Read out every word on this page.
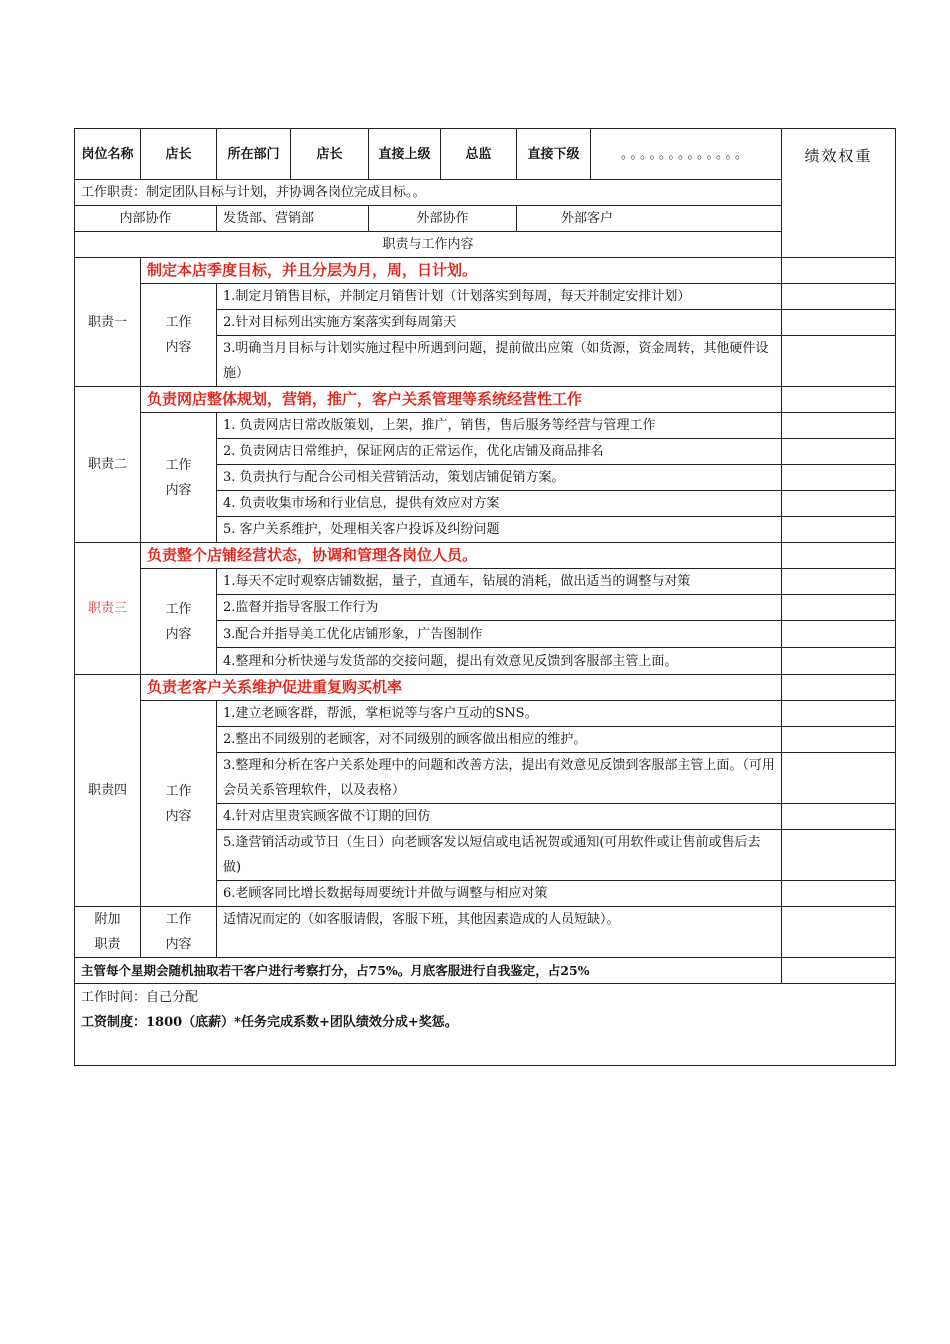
岗位名称	店长	所在部门	店长	直接上级	总监	直接下级	。。。。。。。。。。。。。	绩效权重
工作职责：制定团队目标与计划，并协调各岗位完成目标。。								
内部协作		发货部、营销部		外部协作		外部客户		
职责与工作内容								
职责一	制定本店季度目标，并且分层为月，周，日计划。							
	工作内容	1.制定月销售目标，并制定月销售计划（计划落实到每周，每天并制定安排计划）						
		2.针对目标列出实施方案落实到每周第天						
		3.明确当月目标与计划实施过程中所遇到问题，提前做出应策（如货源，资金周转，其他硬件设施）						
职责二	负责网店整体规划，营销，推广，客户关系管理等系统经营性工作							
	工作内容	1. 负责网店日常改版策划，上架，推广，销售，售后服务等经营与管理工作						
		2. 负责网店日常维护，保证网店的正常运作，优化店铺及商品排名						
		3. 负责执行与配合公司相关营销活动，策划店铺促销方案。						
		4. 负责收集市场和行业信息，提供有效应对方案						
		5. 客户关系维护，处理相关客户投诉及纠纷问题						
职责三	负责整个店铺经营状态，协调和管理各岗位人员。							
	工作内容	1.每天不定时观察店铺数据，量子，直通车，钻展的消耗，做出适当的调整与对策						
		2.监督并指导客服工作行为						
		3.配合并指导美工优化店铺形象，广告图制作						
		4.整理和分析快递与发货部的交接问题，提出有效意见反馈到客服部主管上面。						
职责四	负责老客户关系维护促进重复购买机率							
	工作内容	1.建立老顾客群，帮派，掌柜说等与客户互动的SNS。						
		2.整出不同级别的老顾客，对不同级别的顾客做出相应的维护。						
		3.整理和分析在客户关系处理中的问题和改善方法，提出有效意见反馈到客服部主管上面。（可用会员关系管理软件，以及表格）						
		4.针对店里贵宾顾客做不订期的回仿						
		5.逢营销活动或节日（生日）向老顾客发以短信或电话祝贺或通知(可用软件或让售前或售后去做)						
		6.老顾客同比增长数据每周要统计并做与调整与相应对策						
附加职责	工作内容	适情况而定的（如客服请假，客服下班，其他因素造成的人员短缺）。						
主管每个星期会随机抽取若干客户进行考察打分，占75%。月底客服进行自我鉴定，占25%								

工作时间：自己分配
工资制度：1800（底薪）*任务完成系数+团队绩效分成+奖惩。								
